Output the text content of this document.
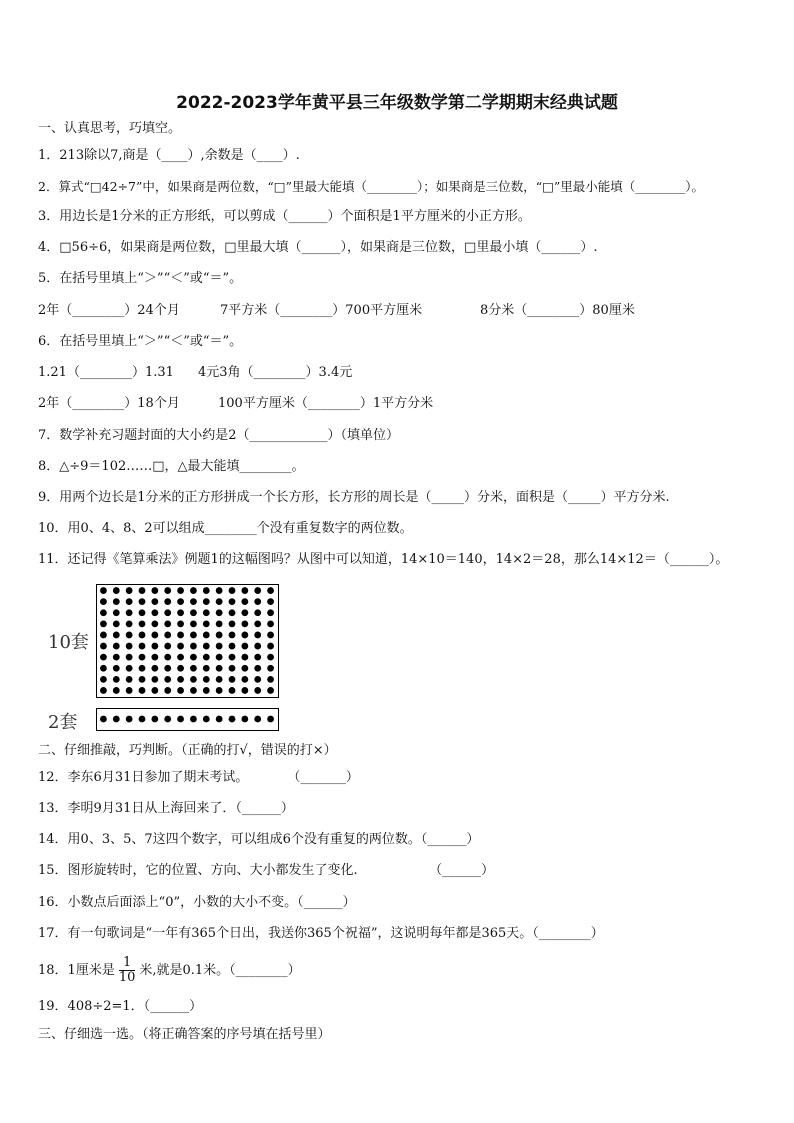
2022-2023学年黄平县三年级数学第二学期期末经典试题
一、认真思考，巧填空。
1．213除以7,商是（____）,余数是（____）.
2．算式“□42÷7”中，如果商是两位数，“□”里最大能填（________）；如果商是三位数，“□”里最小能填（________）。
3．用边长是1分米的正方形纸，可以剪成（______）个面积是1平方厘米的小正方形。
4．□56÷6，如果商是两位数，□里最大填（______），如果商是三位数，□里最小填（______）.
5．在括号里填上“＞”“＜”或“＝”。
2年（________）24个月	7平方米（________）700平方厘米	8分米（________）80厘米
6．在括号里填上“＞”“＜”或“＝”。
1.21（________）1.31 4元3角（________）3.4元
2年（________）18个月	100平方厘米（________）1平方分米
7．数学补充习题封面的大小约是2（____________）（填单位）
8．△÷9＝102……□，△最大能填________。
9．用两个边长是1分米的正方形拼成一个长方形，长方形的周长是（_____）分米，面积是（_____）平方分米.
10．用0、4、8、2可以组成________个没有重复数字的两位数。
11．还记得《笔算乘法》例题1的这幅图吗？从图中可以知道，14×10＝140，14×2＝28，那么14×12＝（______）。
10套
2套
二、仔细推敲，巧判断。（正确的打√，错误的打×）
12．李东6月31日参加了期末考试。　　　　（_______）
13．李明9月31日从上海回来了．（______）
14．用0、3、5、7这四个数字，可以组成6个没有重复的两位数。（______）
15．图形旋转时，它的位置、方向、大小都发生了变化.　　　　　　（______）
16．小数点后面添上“0”，小数的大小不变。（______）
17．有一句歌词是“一年有365个日出，我送你365个祝福”，这说明每年都是365天。（________）
18．1厘米是 $\frac{1}{10}$ 米,就是0.1米。（________）
19．408÷2=1．（______）
三、仔细选一选。（将正确答案的序号填在括号里）
